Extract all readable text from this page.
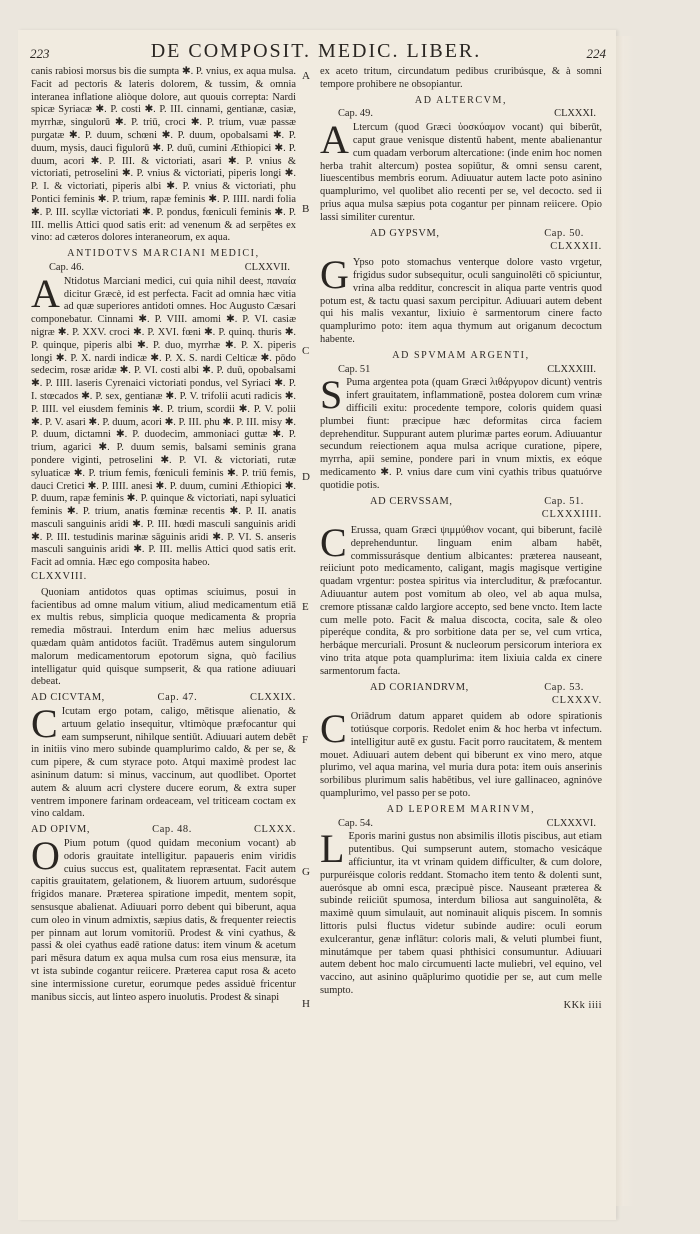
223	DE COMPOSIT. MEDIC. LIBER.	224
A
B
C
D
E
F
G
H

canis rabiosi morsus bis die sumpta ✱. P. vnius, ex aqua mulsa. Facit ad pectoris & lateris dolorem, & tussim, & omnia interanea inflatione aliòque dolore, aut quouis correpta: Nardi spicæ Syriacæ ✱. P. costi ✱. P. III. cinnami, gentianæ, casiæ, myrrhæ, singulorū ✱. P. triū, croci ✱. P. trium, vuæ passæ purgatæ ✱. P. duum, schœni ✱. P. duum, opobalsami ✱. P. duum, mysis, dauci figulorū ✱. P. duū, cumini Æthiopici ✱. P. duum, acori ✱. P. III. & victoriati, asari ✱. P. vnius & victoriati, petroselini ✱. P. vnius & victoriati, piperis longi ✱. P. I. & victoriati, piperis albi ✱. P. vnius & victoriati, phu Pontici feminis ✱. P. trium, rapæ feminis ✱. P. IIII. nardi folia ✱. P. III. scyllæ victoriati ✱. P. pondus, fœniculi feminis ✱. P. III. mellis Attici quod satis erit: ad venenum & ad serpētes ex vino: ad cæteros dolores interaneorum, ex aqua.

ANTIDOTVS MARCIANI MEDICI,
Cap. 46.	CLXXVII.

A Ntidotus Marciani medici, cui quia nihil deest, παναία dicitur Græcè, id est perfecta. Facit ad omnia hæc vitia ad quæ superiores antidoti omnes. Hoc Augusto Cæsari componebatur. Cinnami ✱. P. VIII. amomi ✱. P. VI. casiæ nigræ ✱. P. XXV. croci ✱. P. XVI. fœni ✱. P. quinq. thuris ✱. P. quinque, piperis albi ✱. P. duo, myrrhæ ✱. P. X. piperis longi ✱. P. X. nardi indicæ ✱. P. X. S. nardi Celticæ ✱. pōdo sedecim, rosæ aridæ ✱. P. VI. costi albi ✱. P. duū, opobalsami ✱. P. IIII. laseris Cyrenaici victoriati pondus, vel Syriaci ✱. P. I. stœcados ✱. P. sex, gentianæ ✱. P. V. trifolii acuti radicis ✱. P. IIII. vel eiusdem feminis ✱. P. trium, scordii ✱. P. V. polii ✱. P. V. asari ✱. P. duum, acori ✱. P. III. phu ✱. P. III. misy ✱. P. duum, dictamni ✱. P. duodecim, ammoniaci guttæ ✱. P. trium, agarici ✱. P. duum semis, balsami seminis grana pondere viginti, petroselini ✱. P. VI. & victoriati, rutæ syluaticæ ✱. P. trium femis, fœniculi feminis ✱. P. triū femis, dauci Cretici ✱. P. IIII. anesi ✱. P. duum, cumini Æthiopici ✱. P. duum, rapæ feminis ✱. P. quinque & victoriati, napi syluatici feminis ✱. P. trium, anatis fœminæ recentis ✱. P. II. anatis masculi sanguinis aridi ✱. P. III. hœdi masculi sanguinis aridi ✱. P. III. testudinis marinæ sāguinis aridi ✱. P. VI. S. anseris masculi sanguinis aridi ✱. P. III. mellis Attici quod satis erit. Facit ad omnia. Hæc ego composita habeo.

CLXXVIII.

Quoniam antidotos quas optimas sciuimus, posui in facientibus ad omne malum vitium, aliud medicamentum etiā ex multis rebus, simplicia quoque medicamenta & propria remedia mōstraui. Interdum enim hæc melius aduersus quædam quàm antidotos faciūt. Tradēmus autem singulorum malorum medicamentorum epotorum signa, quò facilius intelligatur quid quisque sumpserit, & qua ratione adiuuari debeat.

AD CICVTAM,	Cap. 47.	CLXXIX.

C Icutam ergo potam, caligo, mētisque alienatio, & artuum gelatio insequitur, vltimòque præfocantur qui eam sumpserunt, nihilque sentiūt. Adiuuari autem debēt in initiis vino mero subinde quamplurimo caldo, & per se, & cum pipere, & cum styrace poto. Atqui maximè prodest lac asininum datum: si minus, vaccinum, aut quodlibet. Oportet autem & aluum acri clystere ducere eorum, & extra super ventrem imponere farinam ordeaceam, vel triticeam coctam ex vino caldam.

AD OPIVM,	Cap. 48.	CLXXX.

O Pium potum (quod quidam meconium vocant) ab odoris grauitate intelligitur. papaueris enim viridis cuius succus est, qualitatem repræsentat. Facit autem capitis grauitatem, gelationem, & liuorem artuum, sudorésque frigidos manare. Præterea spiratione impedit, mentem sopit, sensusque abalienat. Adiuuari porro debent qui biberunt, aqua cum oleo in vinum admixtis, sæpius datis, & frequenter reiectis per pinnam aut lorum vomitoriū. Prodest & vini cyathus, & passi & olei cyathus eadē ratione datus: item vinum & acetum pari mēsura datum ex aqua mulsa cum rosa eius mensuræ, ita vt ista subinde cogantur reiicere. Præterea caput rosa & aceto sine intermissione curetur, eorumque pedes assiduè fricentur manibus siccis, aut linteo aspero inuolutis. Prodest & sinapi

ex aceto tritum, circundatum pedibus cruribúsque, & à somni tempore prohibere ne obsopiantur.

AD ALTERCVM,
Cap. 49.	CLXXXI.

A Ltercum (quod Græci ὑοσκύαμον vocant) qui biberūt, caput graue venisque distentū habent, mente abalienantur cum quadam verborum altercatione: (inde enim hoc nomen herba trahit altercum) postea sopiūtur, & omni sensu carent, liuescentibus membris eorum. Adiuuatur autem lacte poto asinino quamplurimo, vel quolibet alio recenti per se, vel decocto. sed ii prius aqua mulsa sæpius pota cogantur per pinnam reiicere. Opio lassi similiter curentur.

AD GYPSVM,	Cap. 50.
CLXXXII.

G Ypso poto stomachus venterque dolore vasto vrgetur, frigidus sudor subsequitur, oculi sanguinolēti cō spiciuntur, vrina alba redditur, concrescit in aliqua parte ventris quod potum est, & tactu quasi saxum percipitur. Adiuuari autem debent qui his malis vexantur, lixiuio è sarmentorum cinere facto quamplurimo poto: item aqua thymum aut origanum decoctum habente.

AD SPVMAM ARGENTI,
Cap. 51	CLXXXIII.

S Puma argentea pota (quam Græci λιθάργυρον dicunt) ventris infert grauitatem, inflammationē, postea dolorem cum vrinæ difficili exitu: procedente tempore, coloris quidem quasi plumbei fiunt: præcipue hæc deformitas circa faciem deprehenditur. Suppurant autem plurimæ partes eorum. Adiuuantur secundum reiectionem aqua mulsa acrique curatione, pipere, myrrha, apii semine, pondere pari in vnum mixtis, ex eóque medicamento ✱. P. vnius dare cum vini cyathis tribus quatuórve quotidie potis.

AD CERVSSAM,	Cap. 51.
CLXXXIIII.

C Erussa, quam Græci ψιμμύθιον vocant, qui biberunt, facilè deprehenduntur. linguam enim albam habēt, commissurásque dentium albicantes: præterea nauseant, reiiciunt poto medicamento, caligant, magis magisque vertigine quadam vrgentur: postea spiritus via intercluditur, & præfocantur. Adiuuantur autem post vomitum ab oleo, vel ab aqua mulsa, cremore ptissanæ caldo largiore accepto, sed bene vncto. Item lacte cum melle poto. Facit & malua discocta, cocita, sale & oleo piperéque condita, & pro sorbitione data per se, vel cum vrtica, herbáque mercuriali. Prosunt & nucleorum persicorum interiora ex vino trita atque pota quamplurima: item lixiuia calda ex cinere sarmentorum facta.

AD CORIANDRVM,	Cap. 53.
CLXXXV.

C Oriādrum datum apparet quidem ab odore spirationis totiúsque corporis. Redolet enim & hoc herba vt infectum. intelligitur autē ex gustu. Facit porro raucitatem, & mentem mouet. Adiuuari autem debent qui biberunt ex vino mero, atque plurimo, vel aqua marina, vel muria dura pota: item ouis anserinis sorbilibus plurimum salis habētibus, vel iure gallinaceo, agninóve quamplurimo, vel passo per se poto.

AD LEPOREM MARINVM,
Cap. 54.	CLXXXVI.

L Eporis marini gustus non absimilis illotis piscibus, aut etiam putentibus. Qui sumpserunt autem, stomacho vesicáque afficiuntur, ita vt vrinam quidem difficulter, & cum dolore, purpuréisque coloris reddant. Stomacho item tento & dolenti sunt, auerósque ab omni esca, præcipuè pisce. Nauseant præterea & subinde reiiciūt spumosa, interdum biliosa aut sanguinolēta, & maximè quum simulauit, aut nominauit aliquis piscem. In somnis littoris pulsi fluctus videtur subinde audire: oculi eorum exulcerantur, genæ inflātur: coloris mali, & veluti plumbei fiunt, minutámque per tabem quasi phthisici consumuntur. Adiuuari autem debent hoc malo circumuenti lacte muliebri, vel equino, vel vaccino, aut asinino quāplurimo quotidie per se, aut cum melle sumpto.

KKk iiii
